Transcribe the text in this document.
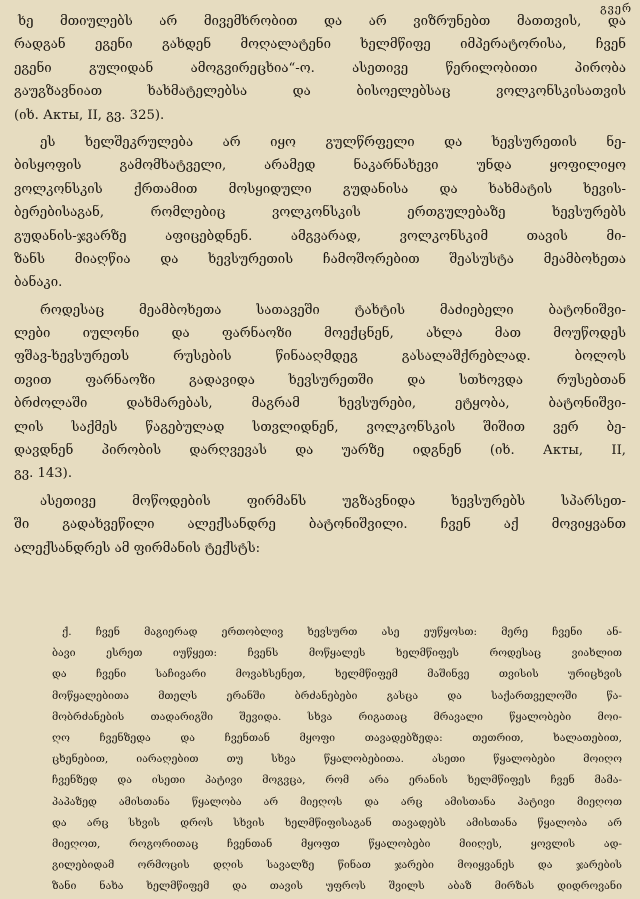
გვერ
ხე მთიულებს არ მივემხრობით და არ ვიზრუნებთ მათთვის, და
რადგან ეგენი გახდენ მოღალატენი ხელმწიფე იმპერატორისა, ჩვენ
ეგენი გულიდან ამოგვირეცხია“-ო. ასეთივე წერილობითი პირობა
გაუგზავნიათ ხახმატელებსა და ბისოელებსაც ვოლკონსკისათვის
(იხ. Акты, II, გვ. 325).
ეს ხელშეკრულება არ იყო გულწრფელი და ხევსურეთის ნე-
ბისყოფის გამომხატველი, არამედ ნაკარნახევი უნდა ყოფილიყო
ვოლკონსკის ქრთამით მოსყიდული გუდანისა და ხახმატის ხევის-
ბერებისაგან, რომლებიც ვოლკონსკის ერთგულებაზე ხევსურებს
გუდანის-ჯვარზე აფიცებდნენ. ამგვარად, ვოლკონსკიმ თავის მი-
ზანს მიაღწია და ხევსურეთის ჩამოშორებით შეასუსტა მეამბოხეთა
ბანაკი.
როდესაც მეამბოხეთა სათავეში ტახტის მაძიებელი ბატონიშვი-
ლები იულონი და ფარნაოზი მოექცნენ, ახლა მათ მოუწოდეს
ფშავ-ხევსურეთს რუსების წინააღმდეგ გასალაშქრებლად. ბოლოს
თვით ფარნაოზი გადავიდა ხევსურეთში და სთხოვდა რუსებთან
ბრძოლაში დახმარებას, მაგრამ ხევსურები, ეტყობა, ბატონიშვი-
ლის საქმეს წაგებულად სთვლიდნენ, ვოლკონსკის შიშით ვერ ბე-
დავდნენ პირობის დარღვევას და უარზე იდგნენ (იხ. Акты, II,
გვ. 143).
ასეთივე მოწოდების ფირმანს უგზავნიდა ხევსურებს სპარსეთ-
ში გადახვეწილი ალექსანდრე ბატონიშვილი. ჩვენ აქ მოვიყვანთ
ალექსანდრეს ამ ფირმანის ტექსტს:
ქ. ჩვენ მაგიერად ერთობლივ ხევსურთ ასე ეუწყოსთ: მერე ჩვენი ან-
ბავი ესრეთ იუწყეთ: ჩვენს მოწყალეს ხელმწიფეს როდესაც ვიახლით
და ჩვენი საჩივარი მოვახსენეთ, ხელმწიფემ მაშინვე თვისის ურიცხვის
მოწყალებითა მთელს ერანში ბრძანებები გასცა და საქართველოში წა-
მობრძანების თადარიგში შევიდა. სხვა რიგათაც მრავალი წყალობები მოი-
ღო ჩვენზედა და ჩვენთან მყოფი თავადებზედა: თეთრით, ხალათებით,
ცხენებით, იარაღებით თუ სხვა წყალობებითა. ასეთი წყალობები მოიღო
ჩვენზედ და ისეთი პატივი მოგვცა, რომ არა ერანის ხელმწიფეს ჩვენ მამა-
პაპაზედ ამისთანა წყალობა არ მიეღოს და არც ამისთანა პატივი მიეღოთ
და არც სხვის დროს სხვის ხელმწიფისაგან თავადებს ამისთანა წყალობა არ
მიეღოთ, როგორითაც ჩვენთან მყოფთ წყალობები მიიღეს, ყოვლის ად-
გილებიდამ ორმოცის დღის სავალზე წინათ ჯარები მოიყვანეს და ჯარების
ზანი ნახა ხელმწიფემ და თავის უფროს შვილს აბაზ მირზას დიდროვანი
